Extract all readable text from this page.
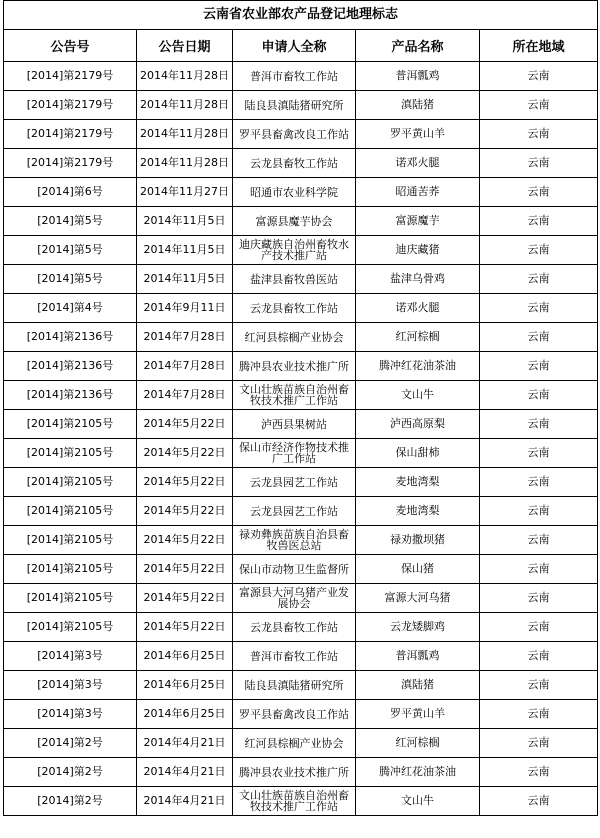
云南省农业部农产品登记地理标志				
公告号	公告日期	申请人全称	产品名称	所在地域
[2014]第2179号	2014年11月28日	普洱市畜牧工作站	普洱瓢鸡	云南
[2014]第2179号	2014年11月28日	陆良县滇陆猪研究所	滇陆猪	云南
[2014]第2179号	2014年11月28日	罗平县畜禽改良工作站	罗平黄山羊	云南
[2014]第2179号	2014年11月28日	云龙县畜牧工作站	诺邓火腿	云南
[2014]第6号	2014年11月27日	昭通市农业科学院	昭通苦荞	云南
[2014]第5号	2014年11月5日	富源县魔芋协会	富源魔芋	云南
[2014]第5号	2014年11月5日	迪庆藏族自治州畜牧水产技术推广站	迪庆藏猪	云南
[2014]第5号	2014年11月5日	盐津县畜牧兽医站	盐津乌骨鸡	云南
[2014]第4号	2014年9月11日	云龙县畜牧工作站	诺邓火腿	云南
[2014]第2136号	2014年7月28日	红河县棕榈产业协会	红河棕榈	云南
[2014]第2136号	2014年7月28日	腾冲县农业技术推广所	腾冲红花油茶油	云南
[2014]第2136号	2014年7月28日	文山壮族苗族自治州畜牧技术推广工作站	文山牛	云南
[2014]第2105号	2014年5月22日	泸西县果树站	泸西高原梨	云南
[2014]第2105号	2014年5月22日	保山市经济作物技术推广工作站	保山甜柿	云南
[2014]第2105号	2014年5月22日	云龙县园艺工作站	麦地湾梨	云南
[2014]第2105号	2014年5月22日	云龙县园艺工作站	麦地湾梨	云南
[2014]第2105号	2014年5月22日	禄劝彝族苗族自治县畜牧兽医总站	禄劝撒坝猪	云南
[2014]第2105号	2014年5月22日	保山市动物卫生监督所	保山猪	云南
[2014]第2105号	2014年5月22日	富源县大河乌猪产业发展协会	富源大河乌猪	云南
[2014]第2105号	2014年5月22日	云龙县畜牧工作站	云龙矮脚鸡	云南
[2014]第3号	2014年6月25日	普洱市畜牧工作站	普洱瓢鸡	云南
[2014]第3号	2014年6月25日	陆良县滇陆猪研究所	滇陆猪	云南
[2014]第3号	2014年6月25日	罗平县畜禽改良工作站	罗平黄山羊	云南
[2014]第2号	2014年4月21日	红河县棕榈产业协会	红河棕榈	云南
[2014]第2号	2014年4月21日	腾冲县农业技术推广所	腾冲红花油茶油	云南
[2014]第2号	2014年4月21日	文山壮族苗族自治州畜牧技术推广工作站	文山牛	云南
